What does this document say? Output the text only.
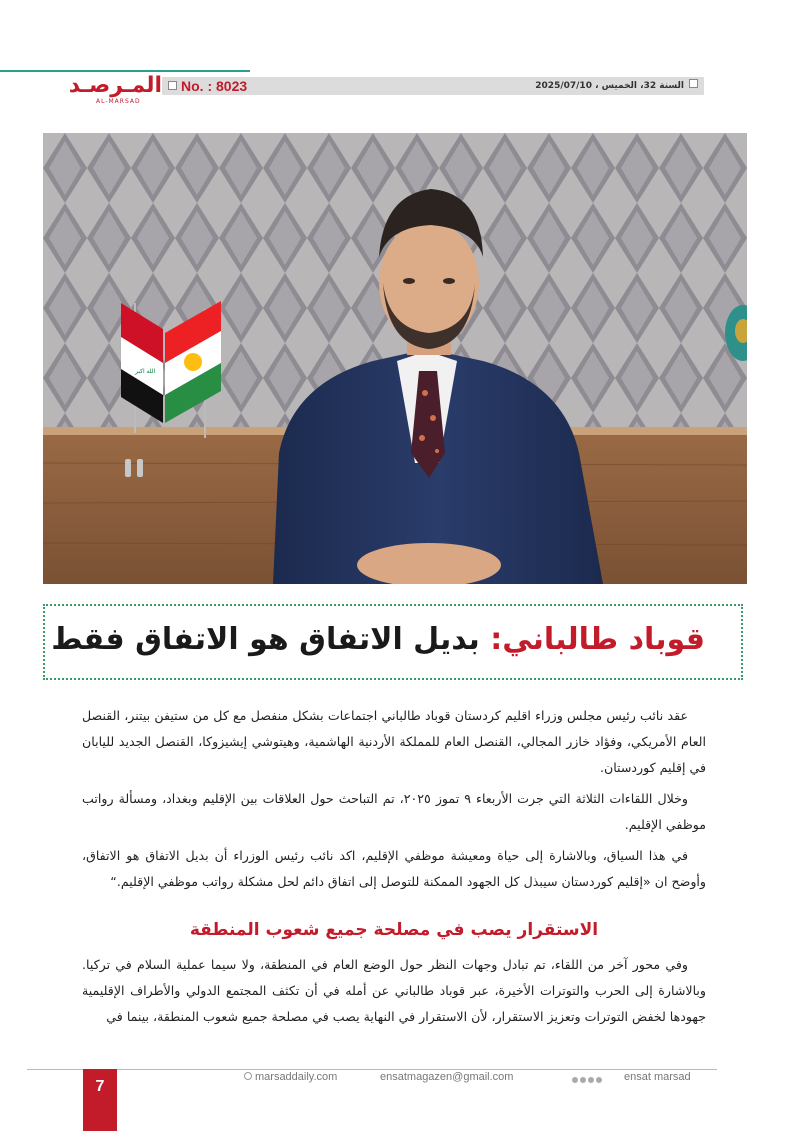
المـرصـد
AL-MARSAD
No. : 8023	السنة 32، الخميس ، 2025/07/10
الله اكبر
قوباد طالباني: بديل الاتفاق هو الاتفاق فقط

عقد نائب رئيس مجلس وزراء اقليم كردستان قوباد طالباني اجتماعات بشكل منفصل مع كل من ستيفن بيتنر، القنصل العام الأمريكي، وفؤاد خازر المجالي، القنصل العام للمملكة الأردنية الهاشمية، وهيتوشي إيشيزوكا، القنصل الجديد لليابان في إقليم كوردستان.

وخلال اللقاءات الثلاثة التي جرت الأربعاء ٩ تموز ٢٠٢٥، تم التباحث حول العلاقات بين الإقليم وبغداد، ومسألة رواتب موظفي الإقليم.

في هذا السياق، وبالاشارة إلى حياة ومعيشة موظفي الإقليم، اكد نائب رئيس الوزراء أن بديل الاتفاق هو الاتفاق، وأوضح ان «إقليم كوردستان سيبذل كل الجهود الممكنة للتوصل إلى اتفاق دائم لحل مشكلة رواتب موظفي الإقليم.“

الاستقرار يصب في مصلحة جميع شعوب المنطقة

وفي محور آخر من اللقاء، تم تبادل وجهات النظر حول الوضع العام في المنطقة، ولا سيما عملية السلام في تركيا. وبالاشارة إلى الحرب والتوترات الأخيرة، عبر قوباد طالباني عن أمله في أن تكثف المجتمع الدولي والأطراف الإقليمية جهودها لخفض التوترات وتعزيز الاستقرار، لأن الاستقرار في النهاية يصب في مصلحة جميع شعوب المنطقة، بينما في

7
marsaddaily.com	ensatmagazen@gmail.com	ensat marsad
